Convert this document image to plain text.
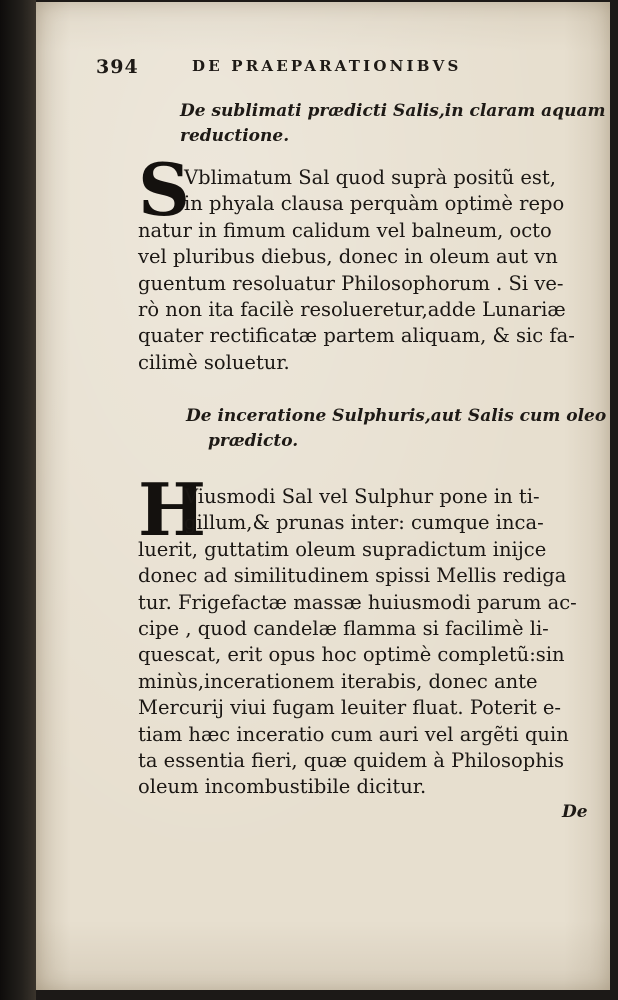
394	DE PRAEPARATIONIBVS
De sublimati prædicti Salis,in claram aquam
reductione.
S
Vblimatum Sal quod suprà positũ est,
in phyala clausa perquàm optimè repo
natur in fimum calidum vel balneum, octo
vel pluribus diebus, donec in oleum aut vn
guentum resoluatur Philosophorum . Si ve-
rò non ita facilè resolueretur,adde Lunariæ
quater rectificatæ partem aliquam, & sic fa-
cilimè soluetur.
De inceratione Sulphuris,aut Salis cum oleo
prædicto.
H
Viusmodi Sal vel Sulphur pone in ti-
gillum,& prunas inter: cumque inca-
luerit, guttatim oleum supradictum inijce
donec ad similitudinem spissi Mellis rediga
tur. Frigefactæ massæ huiusmodi parum ac-
cipe , quod candelæ flamma si facilimè li-
quescat, erit opus hoc optimè completũ:sin
minùs,incerationem iterabis, donec ante
Mercurij viui fugam leuiter fluat. Poterit e-
tiam hæc inceratio cum auri vel argẽti quin
ta essentia fieri, quæ quidem à Philosophis
oleum incombustibile dicitur.
De
